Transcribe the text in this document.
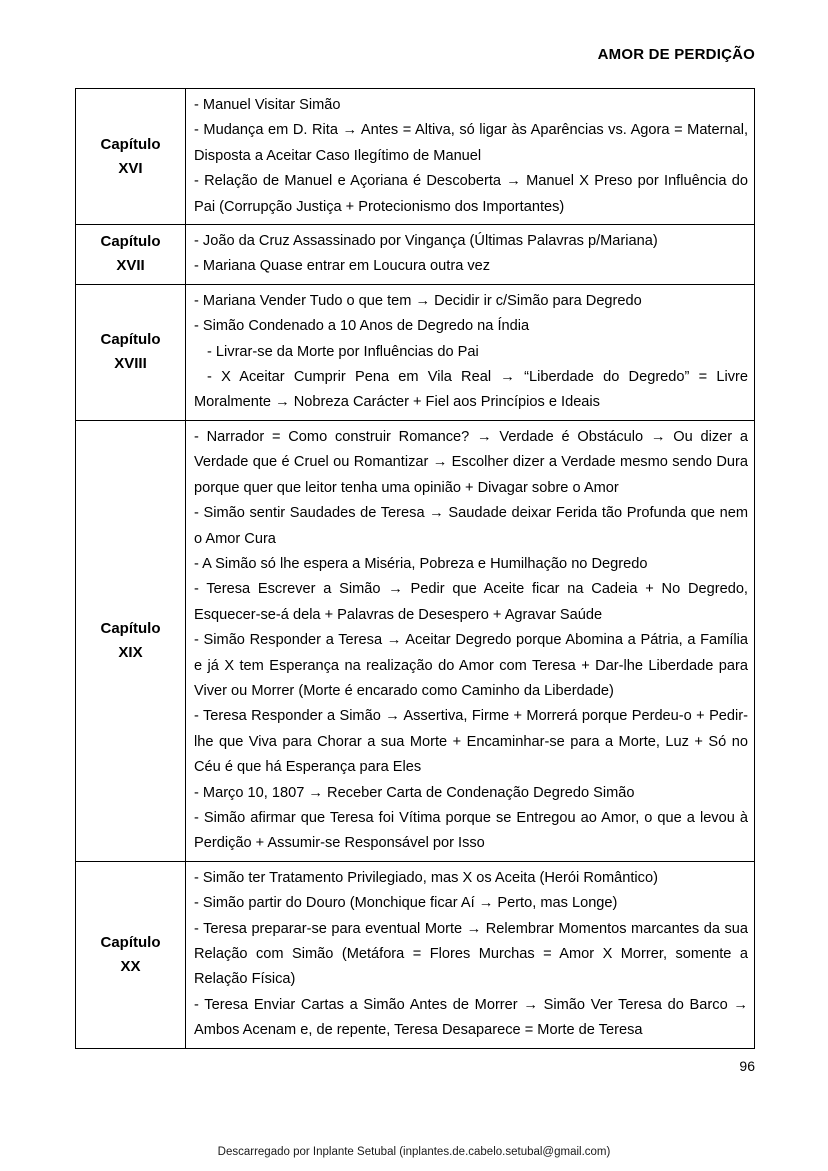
AMOR DE PERDIÇÃO
Capítulo
XVI

- Manuel Visitar Simão

- Mudança em D. Rita → Antes = Altiva, só ligar às Aparências vs. Agora = Maternal, Disposta a Aceitar Caso Ilegítimo de Manuel

- Relação de Manuel e Açoriana é Descoberta → Manuel X Preso por Influência do Pai (Corrupção Justiça + Protecionismo dos Importantes)

Capítulo
XVII

- João da Cruz Assassinado por Vingança (Últimas Palavras p/Mariana)

- Mariana Quase entrar em Loucura outra vez

Capítulo
XVIII

- Mariana Vender Tudo o que tem → Decidir ir c/Simão para Degredo

- Simão Condenado a 10 Anos de Degredo na Índia

- Livrar-se da Morte por Influências do Pai

- X Aceitar Cumprir Pena em Vila Real → “Liberdade do Degredo” = Livre Moralmente → Nobreza Carácter + Fiel aos Princípios e Ideais

Capítulo
XIX

- Narrador = Como construir Romance? → Verdade é Obstáculo → Ou dizer a Verdade que é Cruel ou Romantizar → Escolher dizer a Verdade mesmo sendo Dura porque quer que leitor tenha uma opinião + Divagar sobre o Amor

- Simão sentir Saudades de Teresa → Saudade deixar Ferida tão Profunda que nem o Amor Cura

- A Simão só lhe espera a Miséria, Pobreza e Humilhação no Degredo

- Teresa Escrever a Simão → Pedir que Aceite ficar na Cadeia + No Degredo, Esquecer-se-á dela + Palavras de Desespero + Agravar Saúde

- Simão Responder a Teresa → Aceitar Degredo porque Abomina a Pátria, a Família e já X tem Esperança na realização do Amor com Teresa + Dar-lhe Liberdade para Viver ou Morrer (Morte é encarado como Caminho da Liberdade)

- Teresa Responder a Simão → Assertiva, Firme + Morrerá porque Perdeu-o + Pedir-lhe que Viva para Chorar a sua Morte + Encaminhar-se para a Morte, Luz + Só no Céu é que há Esperança para Eles

- Março 10, 1807 → Receber Carta de Condenação Degredo Simão

- Simão afirmar que Teresa foi Vítima porque se Entregou ao Amor, o que a levou à Perdição + Assumir-se Responsável por Isso

Capítulo
XX

- Simão ter Tratamento Privilegiado, mas X os Aceita (Herói Romântico)

- Simão partir do Douro (Monchique ficar Aí → Perto, mas Longe)

- Teresa preparar-se para eventual Morte → Relembrar Momentos marcantes da sua Relação com Simão (Metáfora = Flores Murchas = Amor X Morrer, somente a Relação Física)

- Teresa Enviar Cartas a Simão Antes de Morrer → Simão Ver Teresa do Barco → Ambos Acenam e, de repente, Teresa Desaparece = Morte de Teresa

96
Descarregado por Inplante Setubal (inplantes.de.cabelo.setubal@gmail.com)
